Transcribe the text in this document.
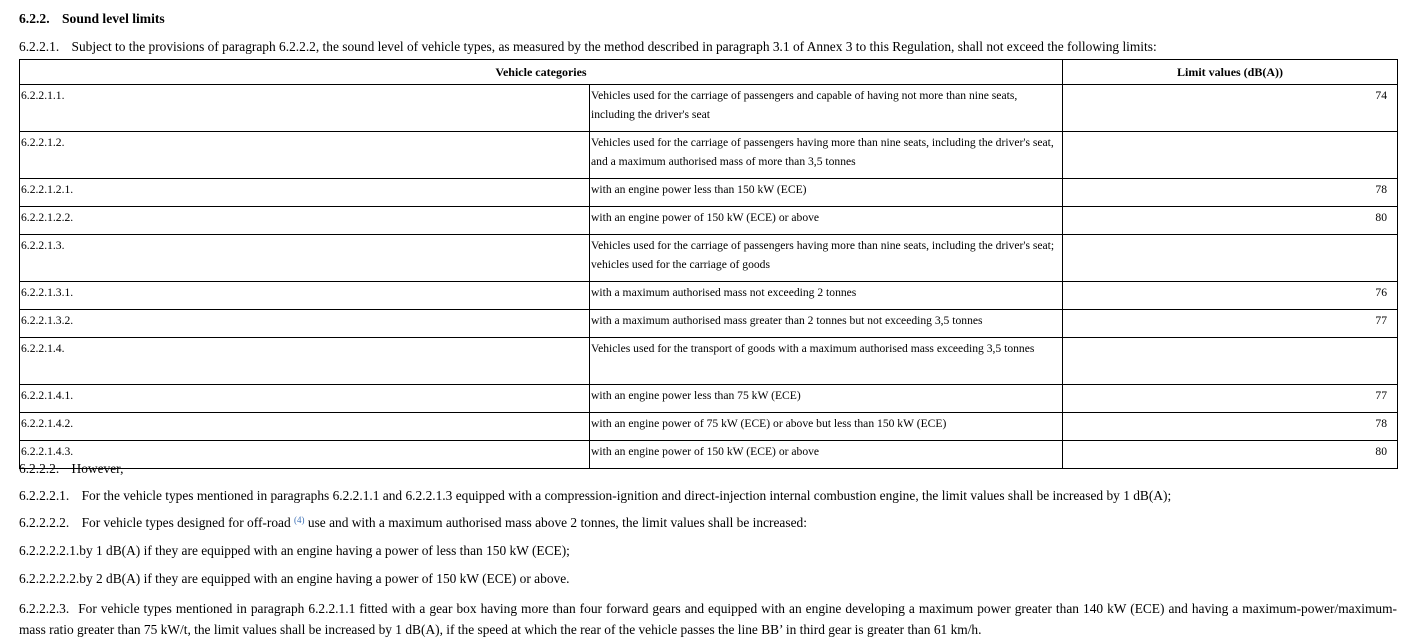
6.2.2. Sound level limits
6.2.2.1. Subject to the provisions of paragraph 6.2.2.2, the sound level of vehicle types, as measured by the method described in paragraph 3.1 of Annex 3 to this Regulation, shall not exceed the following limits:
Vehicle categories		Limit values (dB(A))
6.2.2.1.1.	Vehicles used for the carriage of passengers and capable of having not more than nine seats, including the driver's seat	74
6.2.2.1.2.	Vehicles used for the carriage of passengers having more than nine seats, including the driver's seat, and a maximum authorised mass of more than 3,5 tonnes	
6.2.2.1.2.1.	with an engine power less than 150 kW (ECE)	78
6.2.2.1.2.2.	with an engine power of 150 kW (ECE) or above	80
6.2.2.1.3.	Vehicles used for the carriage of passengers having more than nine seats, including the driver's seat; vehicles used for the carriage of goods	
6.2.2.1.3.1.	with a maximum authorised mass not exceeding 2 tonnes	76
6.2.2.1.3.2.	with a maximum authorised mass greater than 2 tonnes but not exceeding 3,5 tonnes	77
6.2.2.1.4.	Vehicles used for the transport of goods with a maximum authorised mass exceeding 3,5 tonnes	
6.2.2.1.4.1.	with an engine power less than 75 kW (ECE)	77
6.2.2.1.4.2.	with an engine power of 75 kW (ECE) or above but less than 150 kW (ECE)	78
6.2.2.1.4.3.	with an engine power of 150 kW (ECE) or above	80
6.2.2.2. However,
6.2.2.2.1. For the vehicle types mentioned in paragraphs 6.2.2.1.1 and 6.2.2.1.3 equipped with a compression-ignition and direct-injection internal combustion engine, the limit values shall be increased by 1 dB(A);
6.2.2.2.2. For vehicle types designed for off-road $^{(4)}$ use and with a maximum authorised mass above 2 tonnes, the limit values shall be increased:
6.2.2.2.2.1.by 1 dB(A) if they are equipped with an engine having a power of less than 150 kW (ECE);
6.2.2.2.2.2.by 2 dB(A) if they are equipped with an engine having a power of 150 kW (ECE) or above.
6.2.2.2.3. For vehicle types mentioned in paragraph 6.2.2.1.1 fitted with a gear box having more than four forward gears and equipped with an engine developing a maximum power greater than 140 kW (ECE) and having a maximum-power/maximum-mass ratio greater than 75 kW/t, the limit values shall be increased by 1 dB(A), if the speed at which the rear of the vehicle passes the line BB’ in third gear is greater than 61 km/h.
